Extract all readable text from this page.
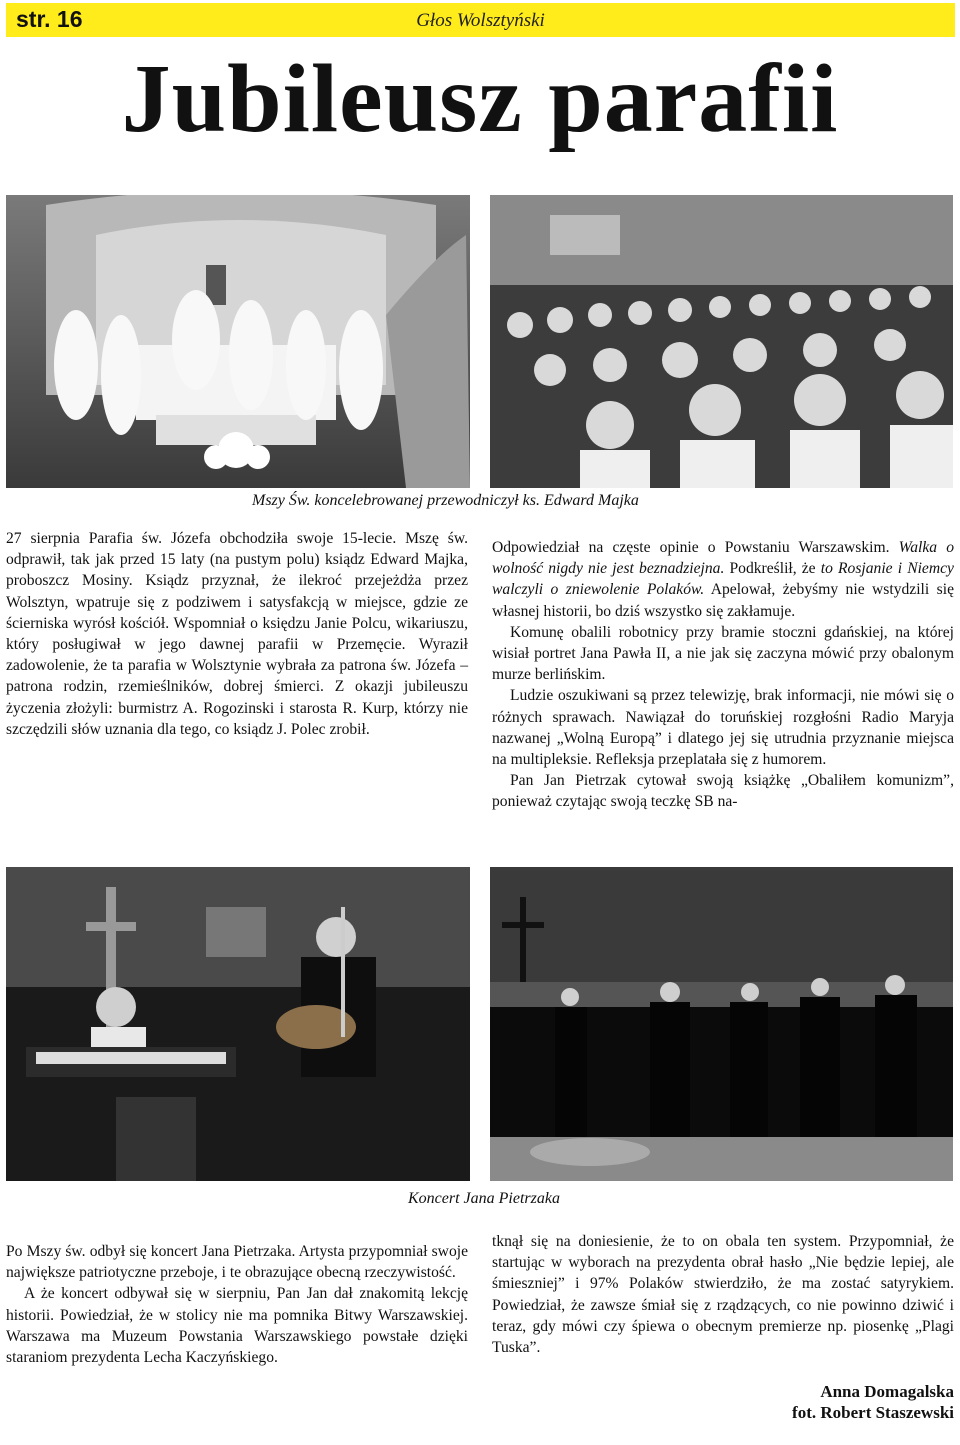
str. 16	Głos Wolsztyński
Jubileusz parafii
Mszy Św. koncelebrowanej przewodniczył ks. Edward Majka

27 sierpnia Parafia św. Józefa obchodziła swoje 15-lecie. Mszę św. odprawił, tak jak przed 15 laty (na pustym polu) ksiądz Edward Majka, proboszcz Mosiny. Ksiądz przyznał, że ilekroć przejeżdża przez Wolsztyn, wpatruje się z podziwem i satysfakcją w miejsce, gdzie ze ścierniska wyrósł kościół. Wspomniał o księdzu Janie Polcu, wikariuszu, który posługiwał w jego dawnej parafii w Przemęcie. Wyraził zadowolenie, że ta parafia w Wolsztynie wybrała za patrona św. Józefa – patrona rodzin, rzemieślników, dobrej śmierci. Z okazji jubileuszu życzenia złożyli: burmistrz A. Rogozinski i starosta R. Kurp, którzy nie szczędzili słów uznania dla tego, co ksiądz J. Polec zrobił.

Odpowiedział na częste opinie o Powstaniu Warszawskim. Walka o wolność nigdy nie jest beznadziejna. Podkreślił, że to Rosjanie i Niemcy walczyli o zniewolenie Polaków. Apelował, żebyśmy nie wstydzili się własnej historii, bo dziś wszystko się zakłamuje.

Komunę obalili robotnicy przy bramie stoczni gdańskiej, na której wisiał portret Jana Pawła II, a nie jak się zaczyna mówić przy obalonym murze berlińskim.

Ludzie oszukiwani są przez telewizję, brak informacji, nie mówi się o różnych sprawach. Nawiązał do toruńskiej rozgłośni Radio Maryja nazwanej „Wolną Europą” i dlatego jej się utrudnia przyznanie miejsca na multipleksie. Refleksja przeplatała się z humorem.

Pan Jan Pietrzak cytował swoją książkę „Obaliłem komunizm”, ponieważ czytając swoją teczkę SB na-

Koncert Jana Pietrzaka

Po Mszy św. odbył się koncert Jana Pietrzaka. Artysta przypomniał swoje największe patriotyczne przeboje, i te obrazujące obecną rzeczywistość.

A że koncert odbywał się w sierpniu, Pan Jan dał znakomitą lekcję historii. Powiedział, że w stolicy nie ma pomnika Bitwy Warszawskiej. Warszawa ma Muzeum Powstania Warszawskiego powstałe dzięki staraniom prezydenta Lecha Kaczyńskiego.

tknął się na doniesienie, że to on obala ten system. Przypomniał, że startując w wyborach na prezydenta obrał hasło „Nie będzie lepiej, ale śmieszniej” i 97% Polaków stwierdziło, że ma zostać satyrykiem. Powiedział, że zawsze śmiał się z rządzących, co nie powinno dziwić i teraz, gdy mówi czy śpiewa o obecnym premierze np. piosenkę „Plagi Tuska”.

Anna Domagalska
fot. Robert Staszewski
